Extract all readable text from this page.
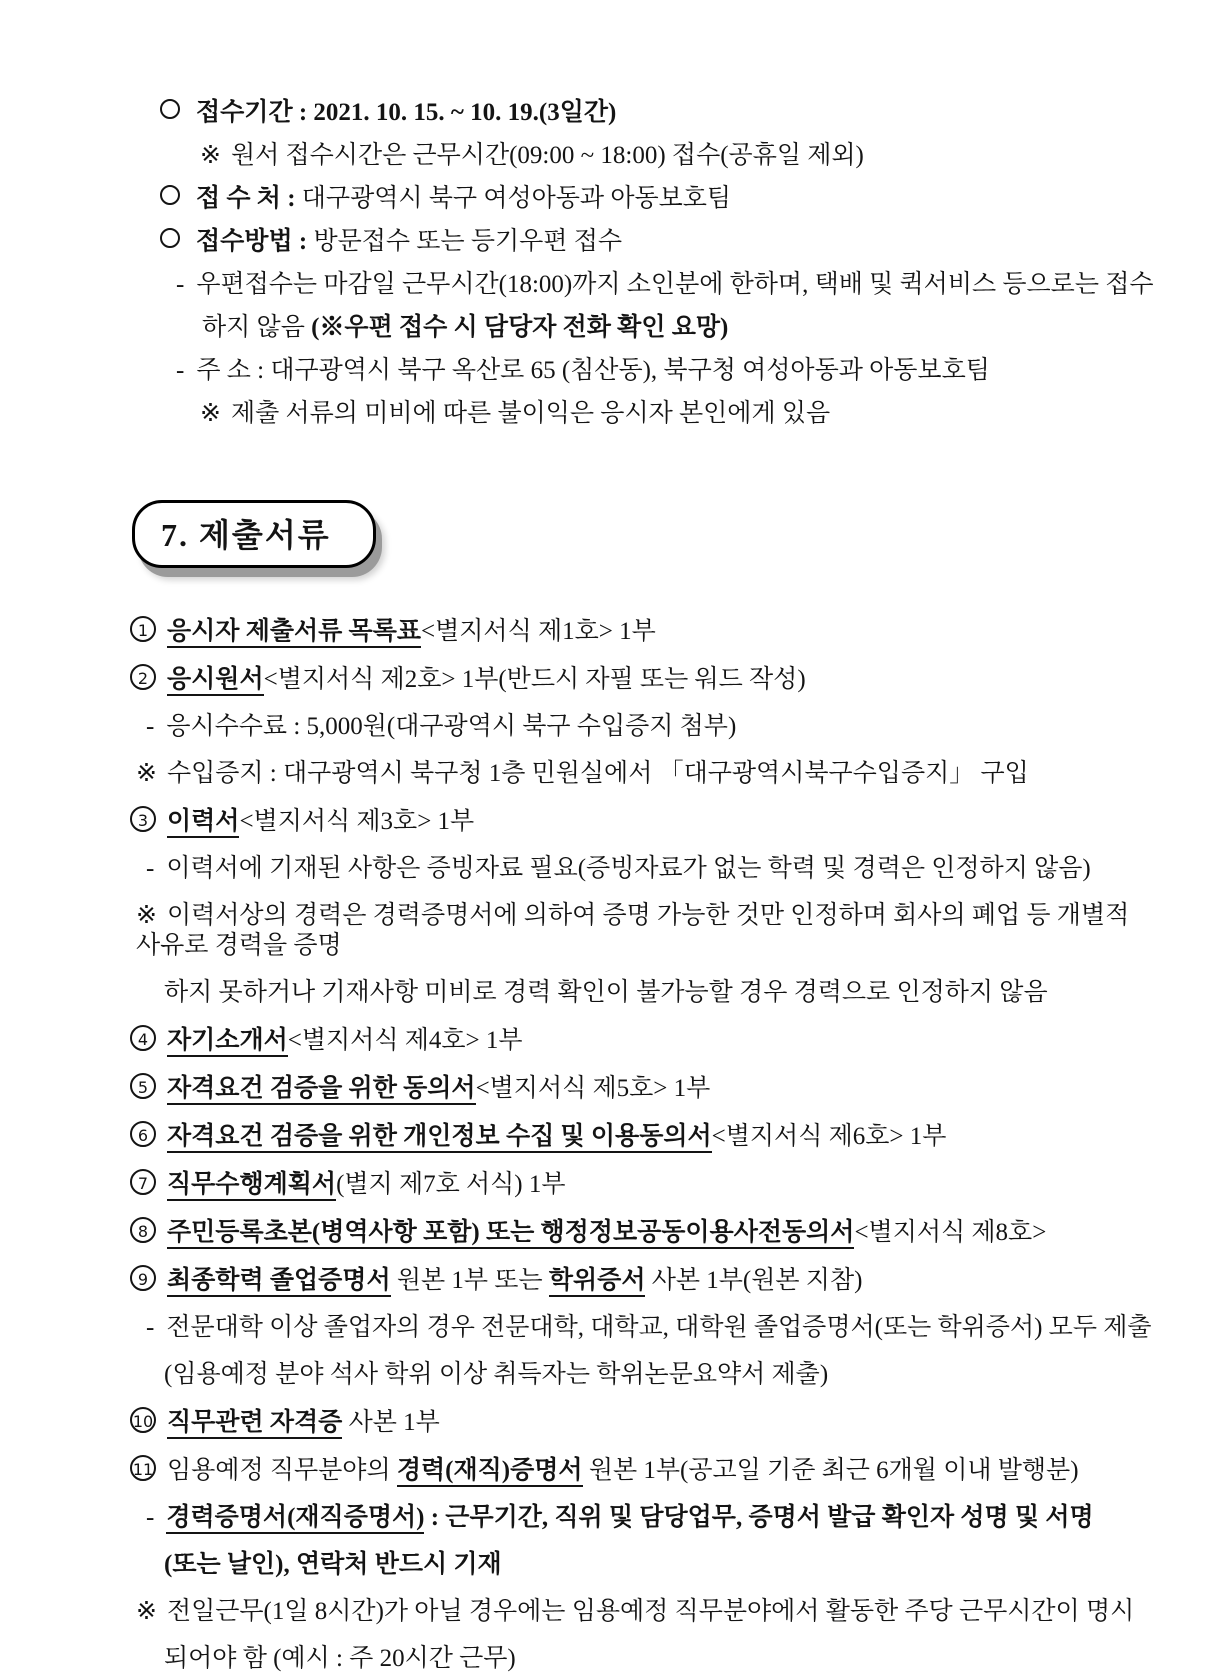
접수기간 : 2021. 10. 15. ~ 10. 19.(3일간)
※ 원서 접수시간은 근무시간(09:00 ~ 18:00) 접수(공휴일 제외)
접 수 처 : 대구광역시 북구 여성아동과 아동보호팀
접수방법 : 방문접수 또는 등기우편 접수
- 우편접수는 마감일 근무시간(18:00)까지 소인분에 한하며, 택배 및 퀵서비스 등으로는 접수
하지 않음 (※우편 접수 시 담당자 전화 확인 요망)
- 주 소 : 대구광역시 북구 옥산로 65 (침산동), 북구청 여성아동과 아동보호팀
※ 제출 서류의 미비에 따른 불이익은 응시자 본인에게 있음
7. 제출서류
1 응시자 제출서류 목록표<별지서식 제1호> 1부
2 응시원서<별지서식 제2호> 1부(반드시 자필 또는 워드 작성)
- 응시수수료 : 5,000원(대구광역시 북구 수입증지 첨부)
※ 수입증지 : 대구광역시 북구청 1층 민원실에서 「대구광역시북구수입증지」 구입
3 이력서<별지서식 제3호> 1부
- 이력서에 기재된 사항은 증빙자료 필요(증빙자료가 없는 학력 및 경력은 인정하지 않음)
※ 이력서상의 경력은 경력증명서에 의하여 증명 가능한 것만 인정하며 회사의 폐업 등 개별적 사유로 경력을 증명
하지 못하거나 기재사항 미비로 경력 확인이 불가능할 경우 경력으로 인정하지 않음
4 자기소개서<별지서식 제4호> 1부
5 자격요건 검증을 위한 동의서<별지서식 제5호> 1부
6 자격요건 검증을 위한 개인정보 수집 및 이용동의서<별지서식 제6호> 1부
7 직무수행계획서(별지 제7호 서식) 1부
8 주민등록초본(병역사항 포함) 또는 행정정보공동이용사전동의서<별지서식 제8호>
9 최종학력 졸업증명서 원본 1부 또는 학위증서 사본 1부(원본 지참)
- 전문대학 이상 졸업자의 경우 전문대학, 대학교, 대학원 졸업증명서(또는 학위증서) 모두 제출
(임용예정 분야 석사 학위 이상 취득자는 학위논문요약서 제출)
10 직무관련 자격증 사본 1부
11 임용예정 직무분야의 경력(재직)증명서 원본 1부(공고일 기준 최근 6개월 이내 발행분)
- 경력증명서(재직증명서) : 근무기간, 직위 및 담당업무, 증명서 발급 확인자 성명 및 서명
(또는 날인), 연락처 반드시 기재
※ 전일근무(1일 8시간)가 아닐 경우에는 임용예정 직무분야에서 활동한 주당 근무시간이 명시
되어야 함 (예시 : 주 20시간 근무)
